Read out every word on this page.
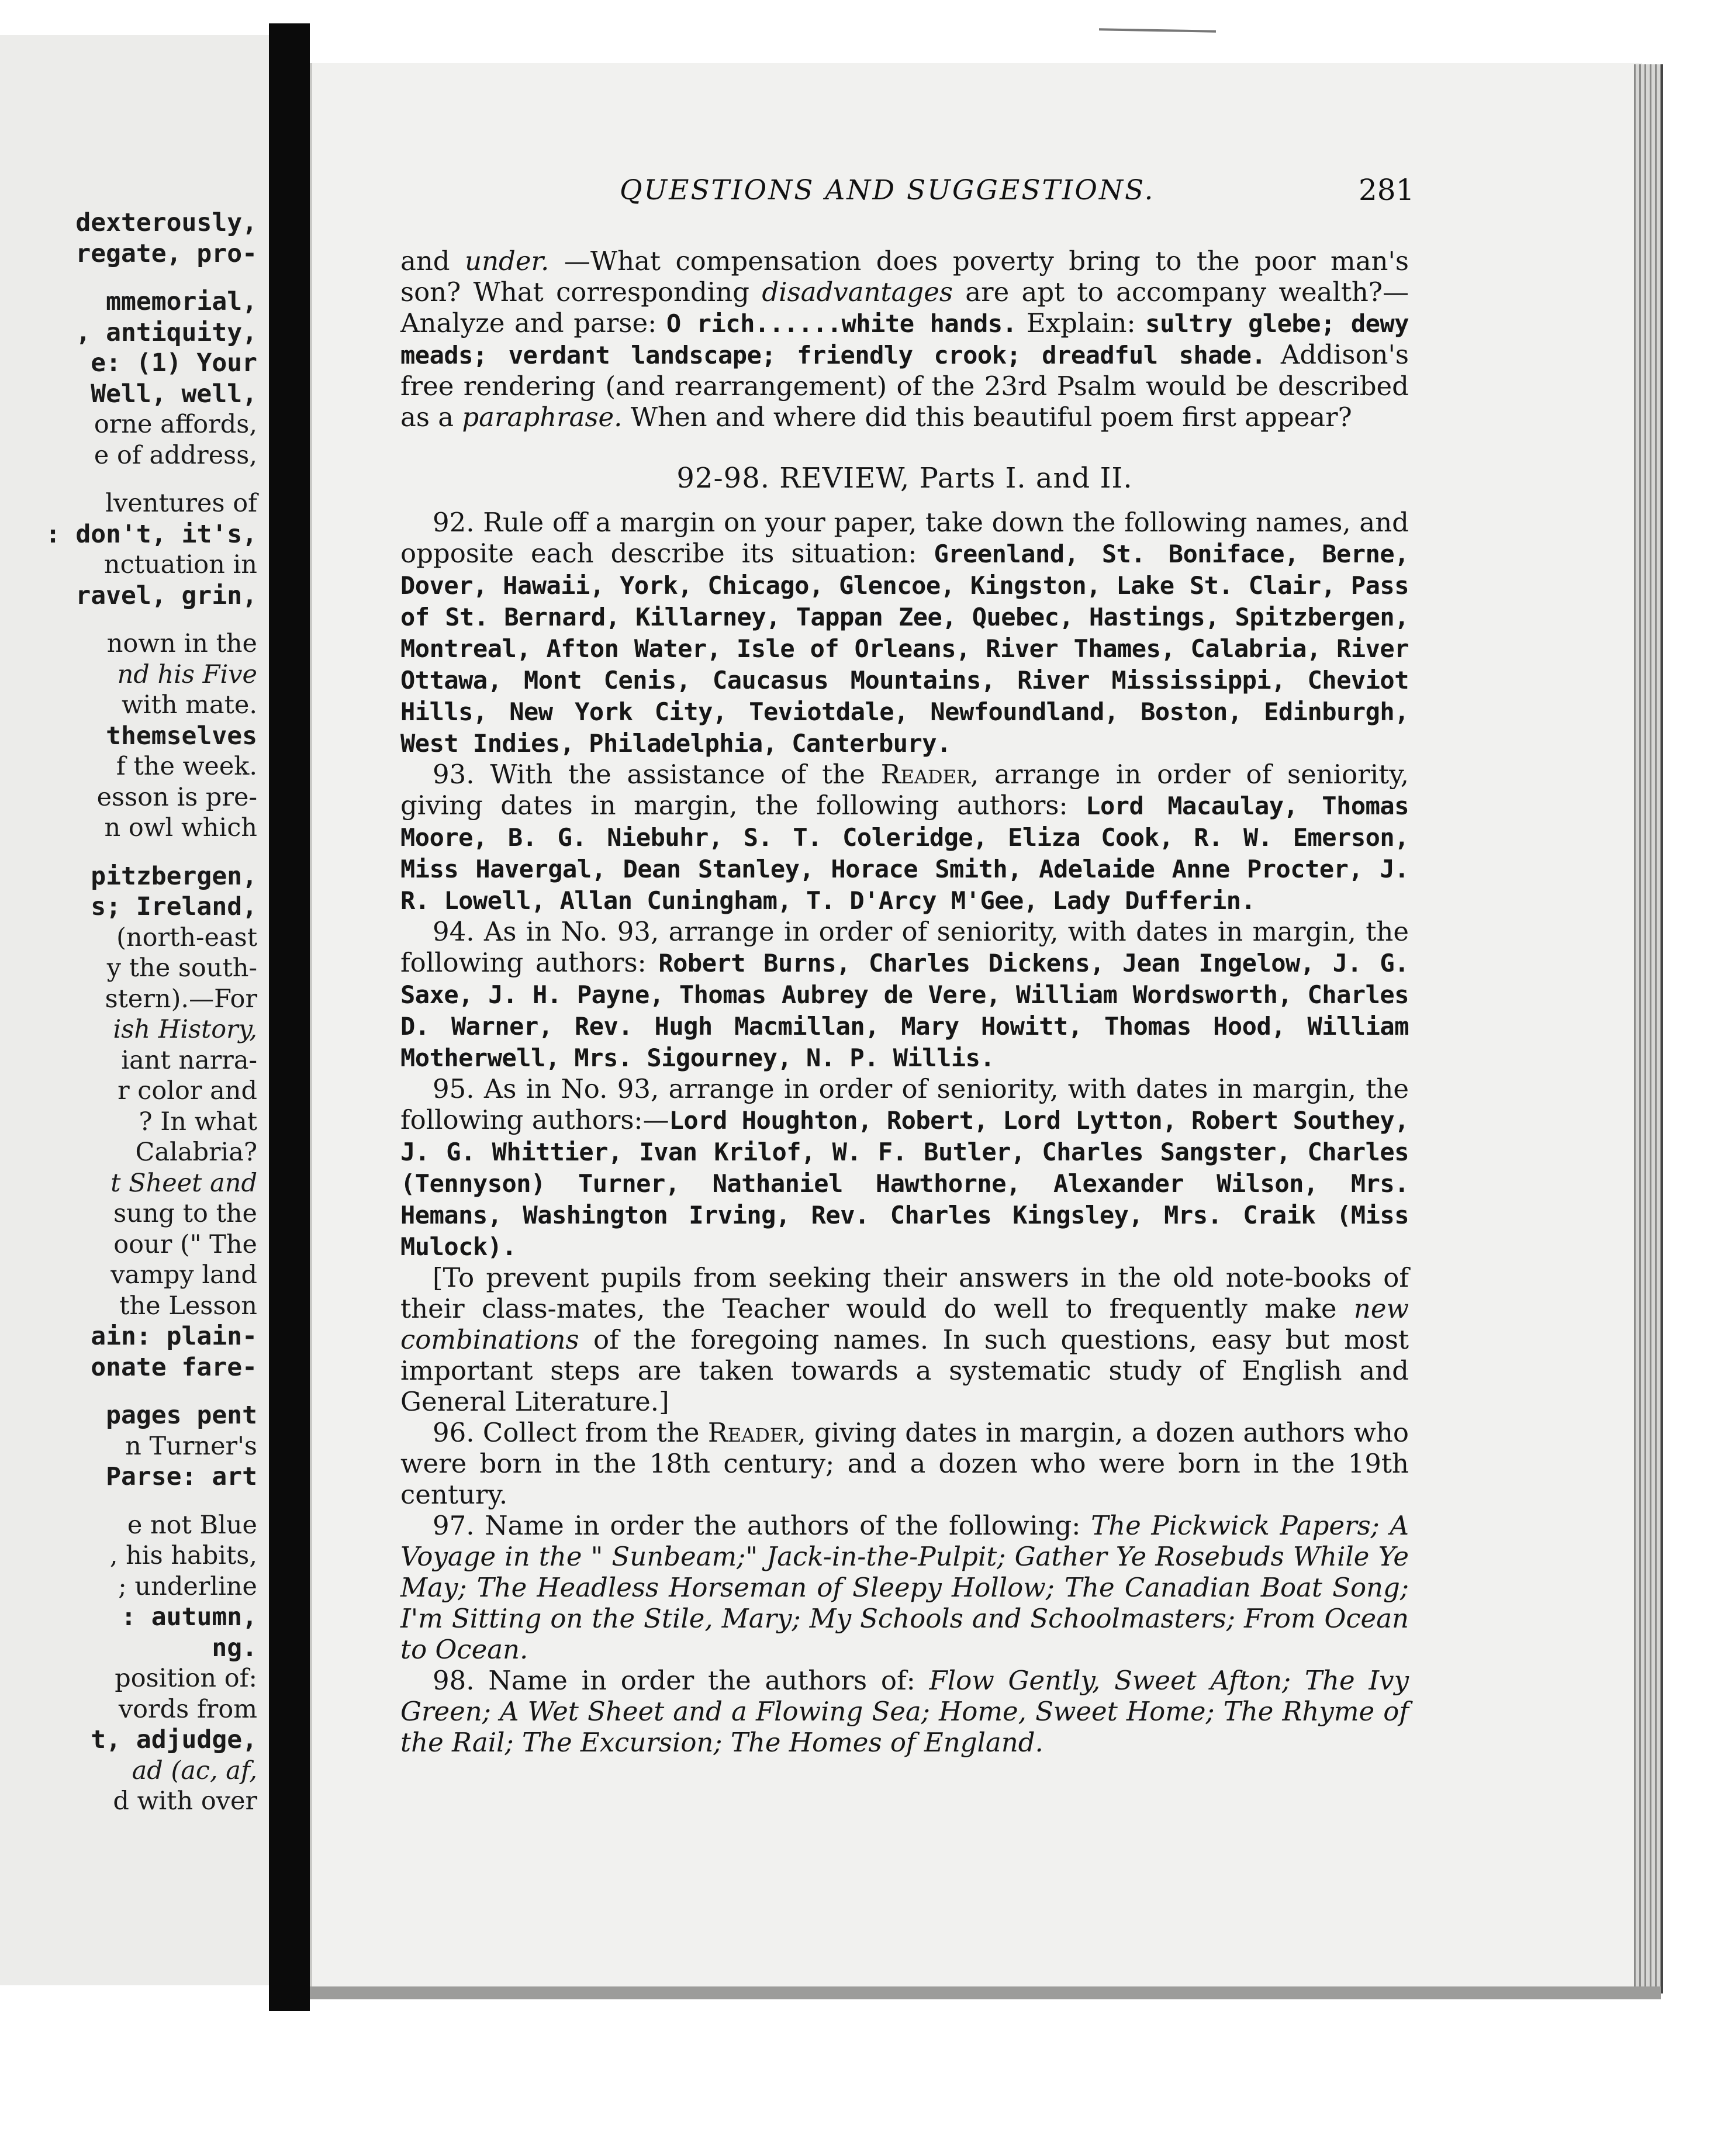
dexterously,
regate, pro-
mmemorial,
, antiquity,
e: (1) Your
Well, well,
orne affords,
e of address,
lventures of
: don't, it's,
nctuation in
ravel, grin,
nown in the
nd his Five
with mate.
themselves
f the week.
esson is pre-
n owl which
pitzbergen,
s; Ireland,
(north-east
y the south-
stern).—For
ish History,
iant narra-
r color and
? In what
Calabria?
t Sheet and
sung to the
oour (" The
vampy land
the Lesson
ain: plain-
onate fare-
pages pent
n Turner's
Parse: art
e not Blue
, his habits,
; underline
: autumn,
ng.
position of:
vords from
t, adjudge,
ad (ac, af,
d with over
QUESTIONS AND SUGGESTIONS.	281

and under. —What compensation does poverty bring to the poor man's son? What corresponding disadvantages are apt to accompany wealth?—Analyze and parse: O rich......white hands. Explain: sultry glebe; dewy meads; verdant landscape; friendly crook; dreadful shade. Addison's free rendering (and rearrangement) of the 23rd Psalm would be described as a paraphrase. When and where did this beautiful poem first appear?

92-98. REVIEW, Parts I. and II.

92. Rule off a margin on your paper, take down the following names, and opposite each describe its situation: Greenland, St. Boniface, Berne, Dover, Hawaii, York, Chicago, Glencoe, Kingston, Lake St. Clair, Pass of St. Bernard, Killarney, Tappan Zee, Quebec, Hastings, Spitzbergen, Montreal, Afton Water, Isle of Orleans, River Thames, Calabria, River Ottawa, Mont Cenis, Caucasus Mountains, River Mississippi, Cheviot Hills, New York City, Teviotdale, Newfoundland, Boston, Edinburgh, West Indies, Philadelphia, Canterbury.

93. With the assistance of the Reader, arrange in order of seniority, giving dates in margin, the following authors: Lord Macaulay, Thomas Moore, B. G. Niebuhr, S. T. Coleridge, Eliza Cook, R. W. Emerson, Miss Havergal, Dean Stanley, Horace Smith, Adelaide Anne Procter, J. R. Lowell, Allan Cuningham, T. D'Arcy M'Gee, Lady Dufferin.

94. As in No. 93, arrange in order of seniority, with dates in margin, the following authors: Robert Burns, Charles Dickens, Jean Ingelow, J. G. Saxe, J. H. Payne, Thomas Aubrey de Vere, William Wordsworth, Charles D. Warner, Rev. Hugh Macmillan, Mary Howitt, Thomas Hood, William Motherwell, Mrs. Sigourney, N. P. Willis.

95. As in No. 93, arrange in order of seniority, with dates in margin, the following authors:—Lord Houghton, Robert, Lord Lytton, Robert Southey, J. G. Whittier, Ivan Krilof, W. F. Butler, Charles Sangster, Charles (Tennyson) Turner, Nathaniel Hawthorne, Alexander Wilson, Mrs. Hemans, Washington Irving, Rev. Charles Kingsley, Mrs. Craik (Miss Mulock).

[To prevent pupils from seeking their answers in the old note-books of their class-mates, the Teacher would do well to frequently make new combinations of the foregoing names. In such questions, easy but most important steps are taken towards a systematic study of English and General Literature.]

96. Collect from the Reader, giving dates in margin, a dozen authors who were born in the 18th century; and a dozen who were born in the 19th century.

97. Name in order the authors of the following: The Pickwick Papers; A Voyage in the " Sunbeam;" Jack-in-the-Pulpit; Gather Ye Rosebuds While Ye May; The Headless Horseman of Sleepy Hollow; The Canadian Boat Song; I'm Sitting on the Stile, Mary; My Schools and Schoolmasters; From Ocean to Ocean.

98. Name in order the authors of: Flow Gently, Sweet Afton; The Ivy Green; A Wet Sheet and a Flowing Sea; Home, Sweet Home; The Rhyme of the Rail; The Excursion; The Homes of England.
